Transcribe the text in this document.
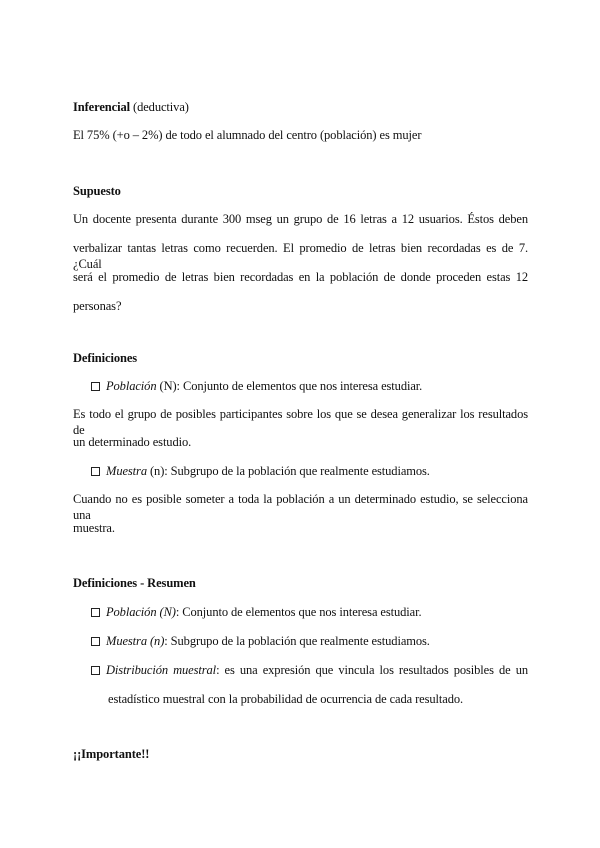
Inferencial (deductiva)
El 75% (+o – 2%) de todo el alumnado del centro (población) es mujer
Supuesto
Un docente presenta durante 300 mseg un grupo de 16 letras a 12 usuarios. Éstos deben
verbalizar tantas letras como recuerden. El promedio de letras bien recordadas es de 7. ¿Cuál
será el promedio de letras bien recordadas en la población de donde proceden estas 12
personas?
Definiciones
Población (N): Conjunto de elementos que nos interesa estudiar.
Es todo el grupo de posibles participantes sobre los que se desea generalizar los resultados de
un determinado estudio.
Muestra (n): Subgrupo de la población que realmente estudiamos.
Cuando no es posible someter a toda la población a un determinado estudio, se selecciona una
muestra.
Definiciones - Resumen
Población (N): Conjunto de elementos que nos interesa estudiar.
Muestra (n): Subgrupo de la población que realmente estudiamos.
Distribución muestral: es una expresión que vincula los resultados posibles de un
estadístico muestral con la probabilidad de ocurrencia de cada resultado.
¡¡Importante!!
